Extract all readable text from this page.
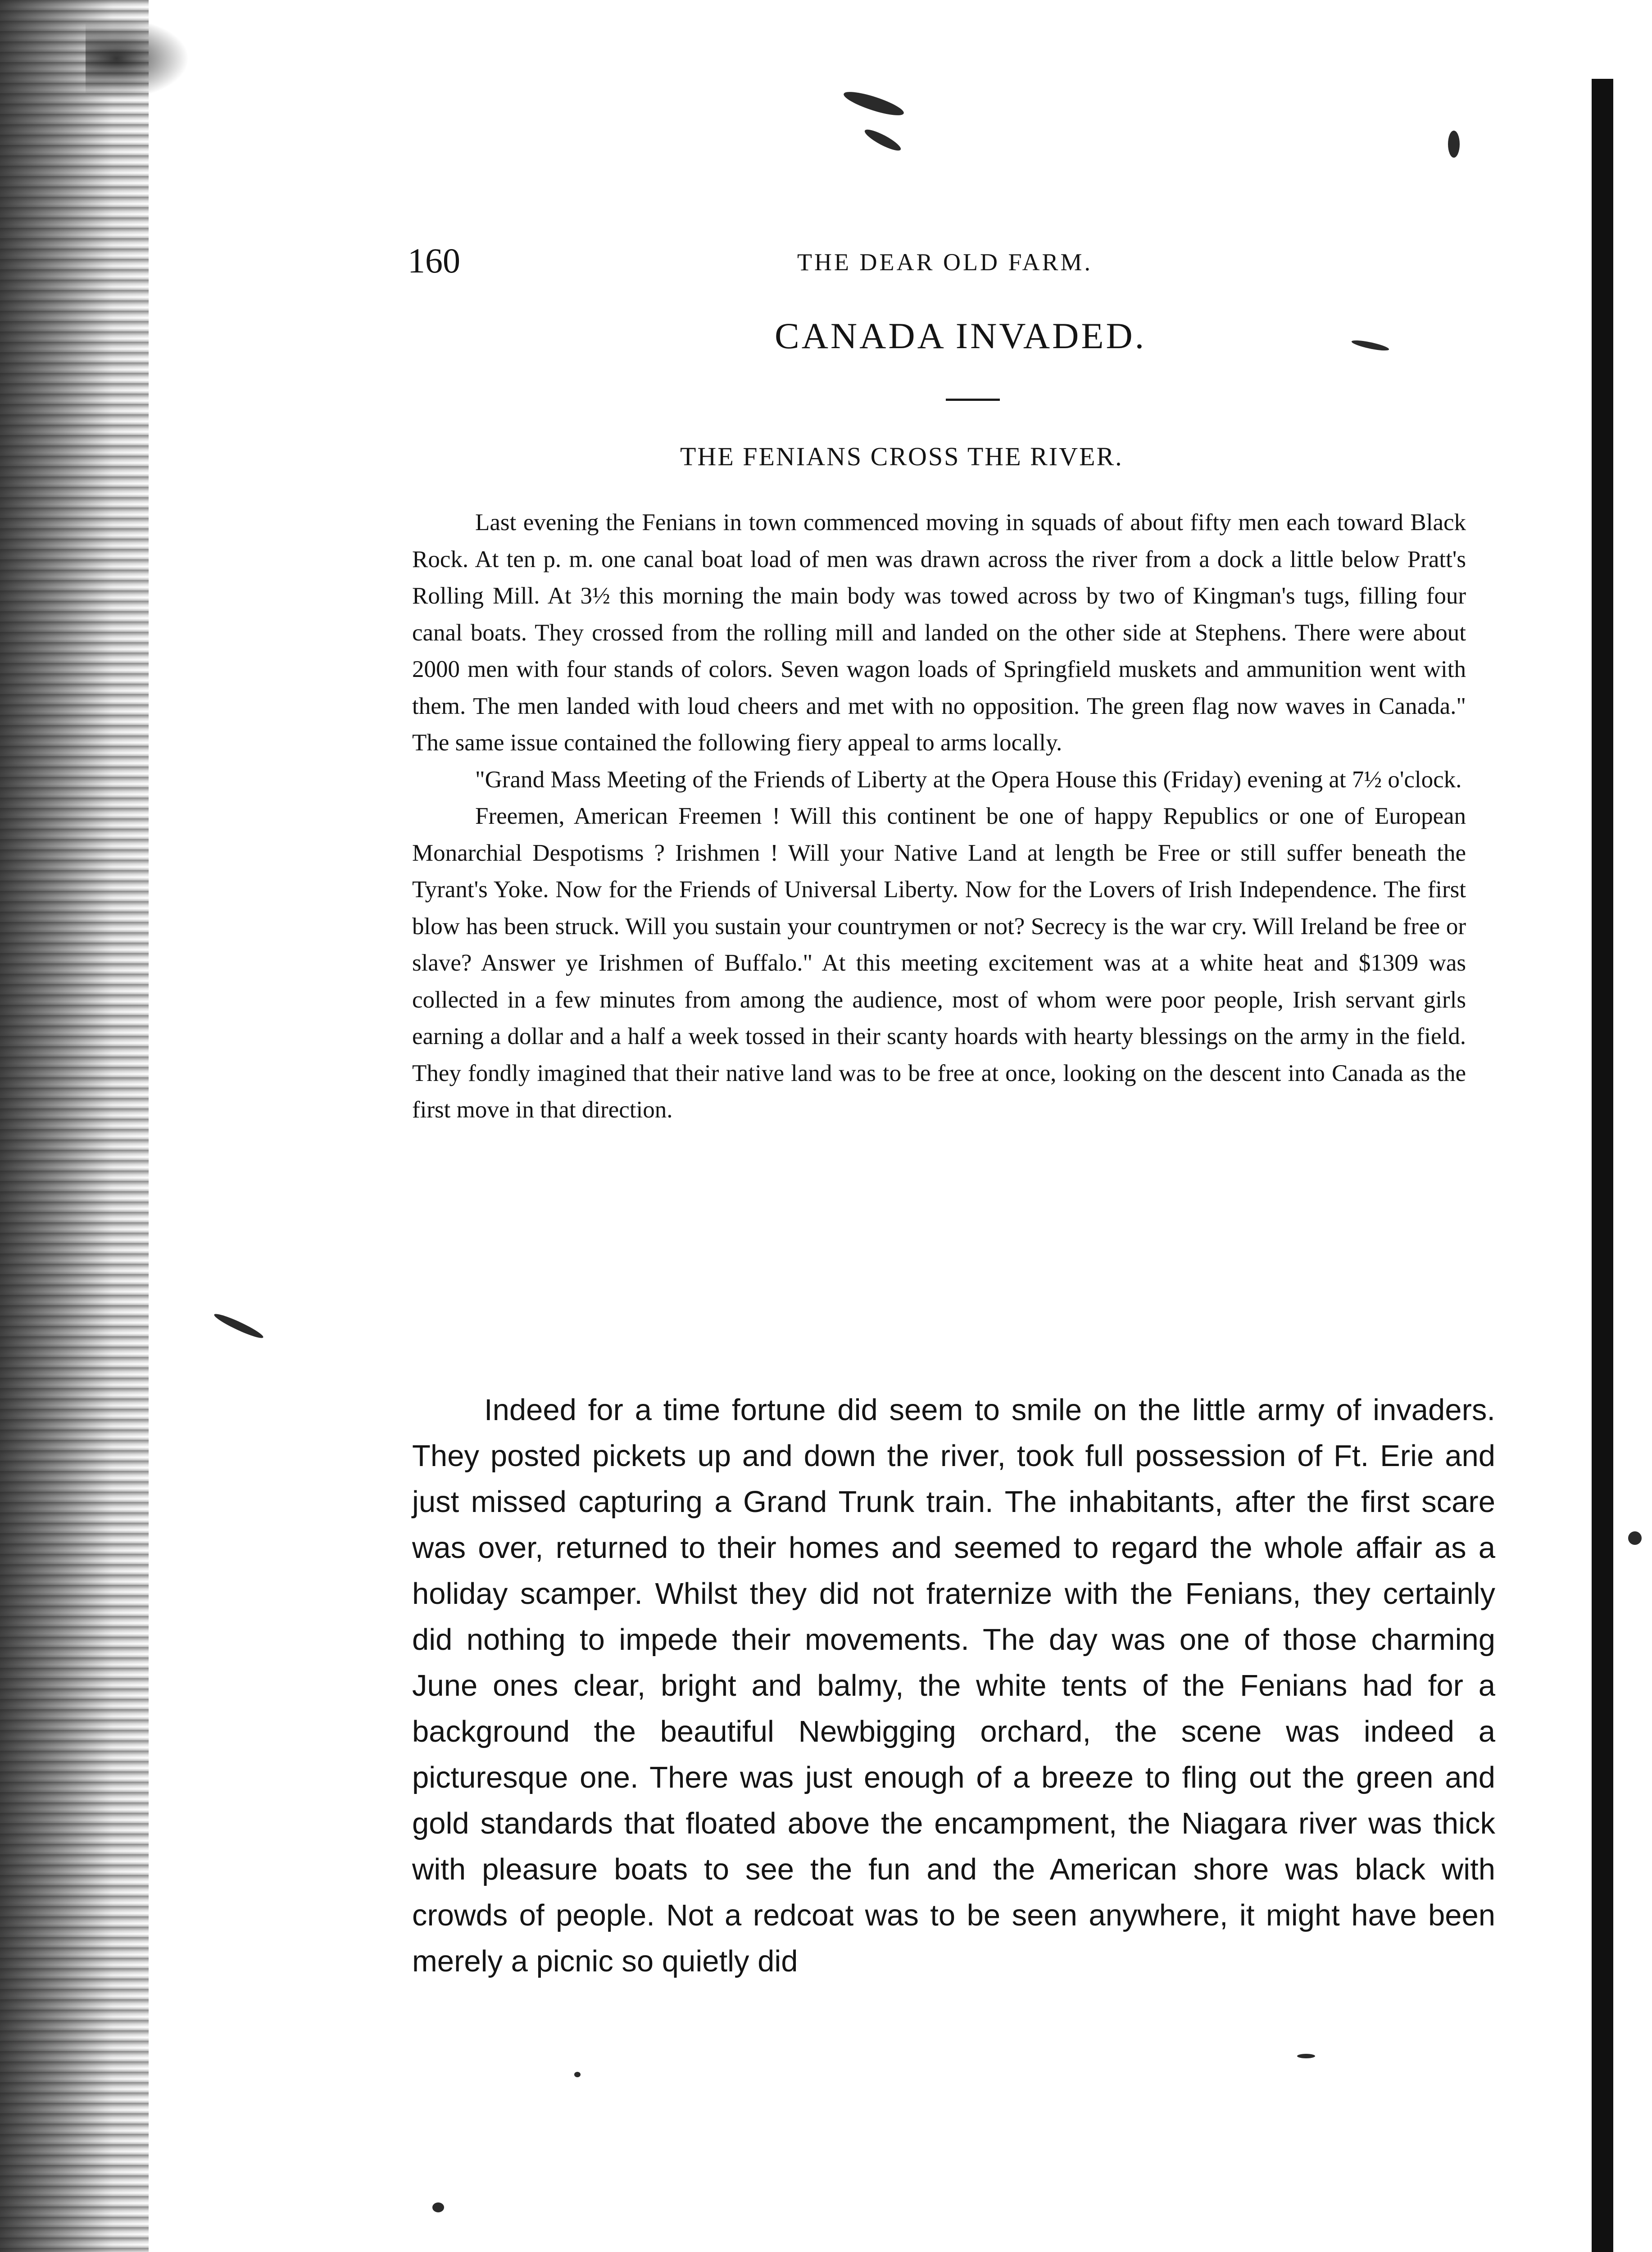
160	THE DEAR OLD FARM.
CANADA INVADED.
THE FENIANS CROSS THE RIVER.

Last evening the Fenians in town commenced moving in squads of about fifty men each toward Black Rock. At ten p. m. one canal boat load of men was drawn across the river from a dock a little below Pratt's Rolling Mill. At 3½ this morning the main body was towed across by two of Kingman's tugs, filling four canal boats. They crossed from the rolling mill and landed on the other side at Stephens. There were about 2000 men with four stands of colors. Seven wagon loads of Springfield muskets and ammunition went with them. The men landed with loud cheers and met with no opposition. The green flag now waves in Canada." The same issue contained the following fiery appeal to arms locally.

"Grand Mass Meeting of the Friends of Liberty at the Opera House this (Friday) evening at 7½ o'clock.

Freemen, American Freemen ! Will this continent be one of happy Republics or one of European Monarchial Despotisms ? Irishmen ! Will your Native Land at length be Free or still suffer beneath the Tyrant's Yoke. Now for the Friends of Universal Liberty. Now for the Lovers of Irish Independence. The first blow has been struck. Will you sustain your countrymen or not? Secrecy is the war cry. Will Ireland be free or slave? Answer ye Irishmen of Buffalo." At this meeting excitement was at a white heat and $1309 was collected in a few minutes from among the audience, most of whom were poor people, Irish servant girls earning a dollar and a half a week tossed in their scanty hoards with hearty blessings on the army in the field. They fondly imagined that their native land was to be free at once, looking on the descent into Canada as the first move in that direction.

Indeed for a time fortune did seem to smile on the little army of invaders. They posted pickets up and down the river, took full possession of Ft. Erie and just missed capturing a Grand Trunk train. The inhabitants, after the first scare was over, returned to their homes and seemed to regard the whole affair as a holiday scamper. Whilst they did not fraternize with the Fenians, they certainly did nothing to impede their movements. The day was one of those charming June ones clear, bright and balmy, the white tents of the Fenians had for a background the beautiful Newbigging orchard, the scene was indeed a picturesque one. There was just enough of a breeze to fling out the green and gold standards that floated above the encampment, the Niagara river was thick with pleasure boats to see the fun and the American shore was black with crowds of people. Not a redcoat was to be seen anywhere, it might have been merely a picnic so quietly did
